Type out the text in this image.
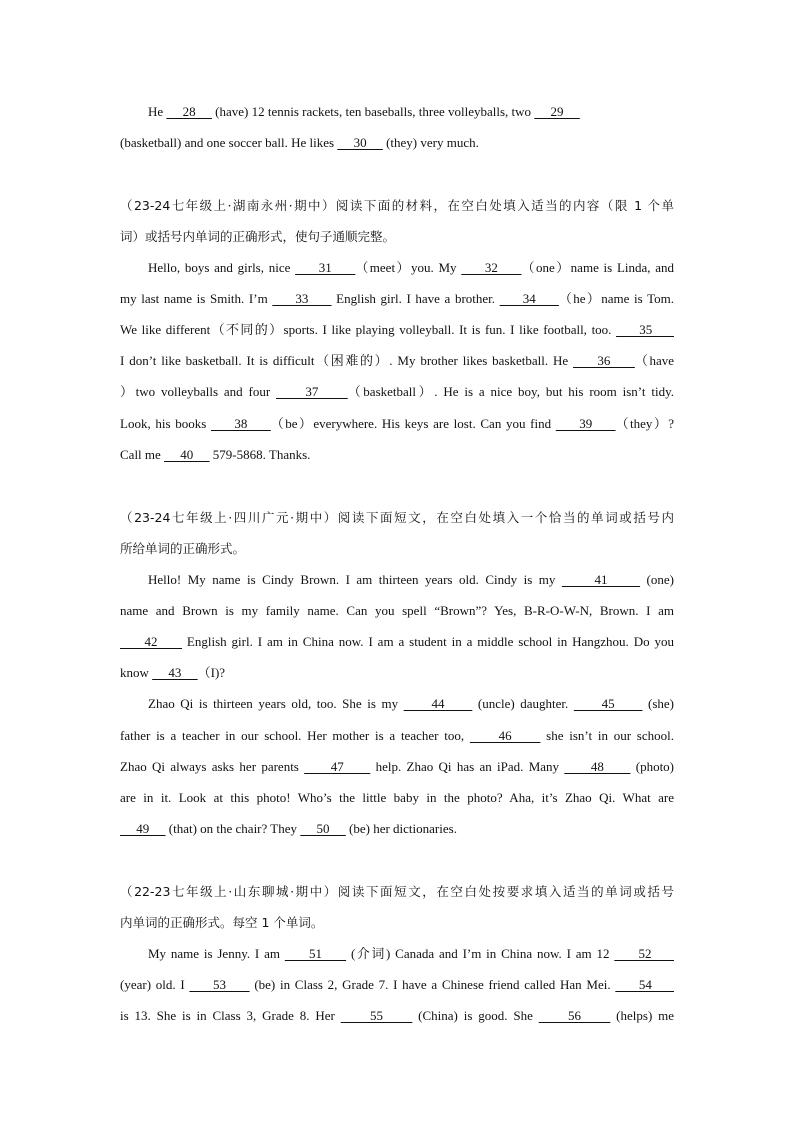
He      28      (have) 12 tennis rackets, ten baseballs, three volleyballs, two      29
(basketball) and one soccer ball. He likes      30      (they) very much.
（23-24七年级上·湖南永州·期中）阅读下面的材料，在空白处填入适当的内容（限 1 个单
词）或括号内单词的正确形式，使句子通顺完整。
Hello, boys and girls, nice      31     （meet）you. My      32     （one）name is Linda, and
my last name is Smith. I’m      33      English girl. I have a brother.      34     （he）name is Tom.
We like different（不同的）sports. I like playing volleyball. It is fun. I like football, too.      35
I don’t like basketball. It is difficult（困难的）. My brother likes basketball. He      36     （have
）two volleyballs and four      37     （basketball）. He is a nice boy, but his room isn’t tidy.
Look, his books      38     （be）everywhere. His keys are lost. Can you find      39     （they）?
Call me      40      579-5868. Thanks.
（23-24七年级上·四川广元·期中）阅读下面短文，在空白处填入一个恰当的单词或括号内
所给单词的正确形式。
Hello! My name is Cindy Brown. I am thirteen years old. Cindy is my      41      (one)
name and Brown is my family name. Can you spell “Brown”? Yes, B-R-O-W-N, Brown. I am
42      English girl. I am in China now. I am a student in a middle school in Hangzhou. Do you
know      43     （I)?
Zhao Qi is thirteen years old, too. She is my      44      (uncle) daughter.      45      (she)
father is a teacher in our school. Her mother is a teacher too,      46      she isn’t in our school.
Zhao Qi always asks her parents      47      help. Zhao Qi has an iPad. Many      48      (photo)
are in it. Look at this photo! Who’s the little baby in the photo? Aha, it’s Zhao Qi. What are
49      (that) on the chair? They      50      (be) her dictionaries.
（22-23七年级上·山东聊城·期中）阅读下面短文，在空白处按要求填入适当的单词或括号
内单词的正确形式。每空 1 个单词。
My name is Jenny. I am      51      (介词) Canada and I’m in China now. I am 12      52
(year) old. I      53      (be) in Class 2, Grade 7. I have a Chinese friend called Han Mei.      54
is 13. She is in Class 3, Grade 8. Her      55      (China) is good. She      56      (helps) me
